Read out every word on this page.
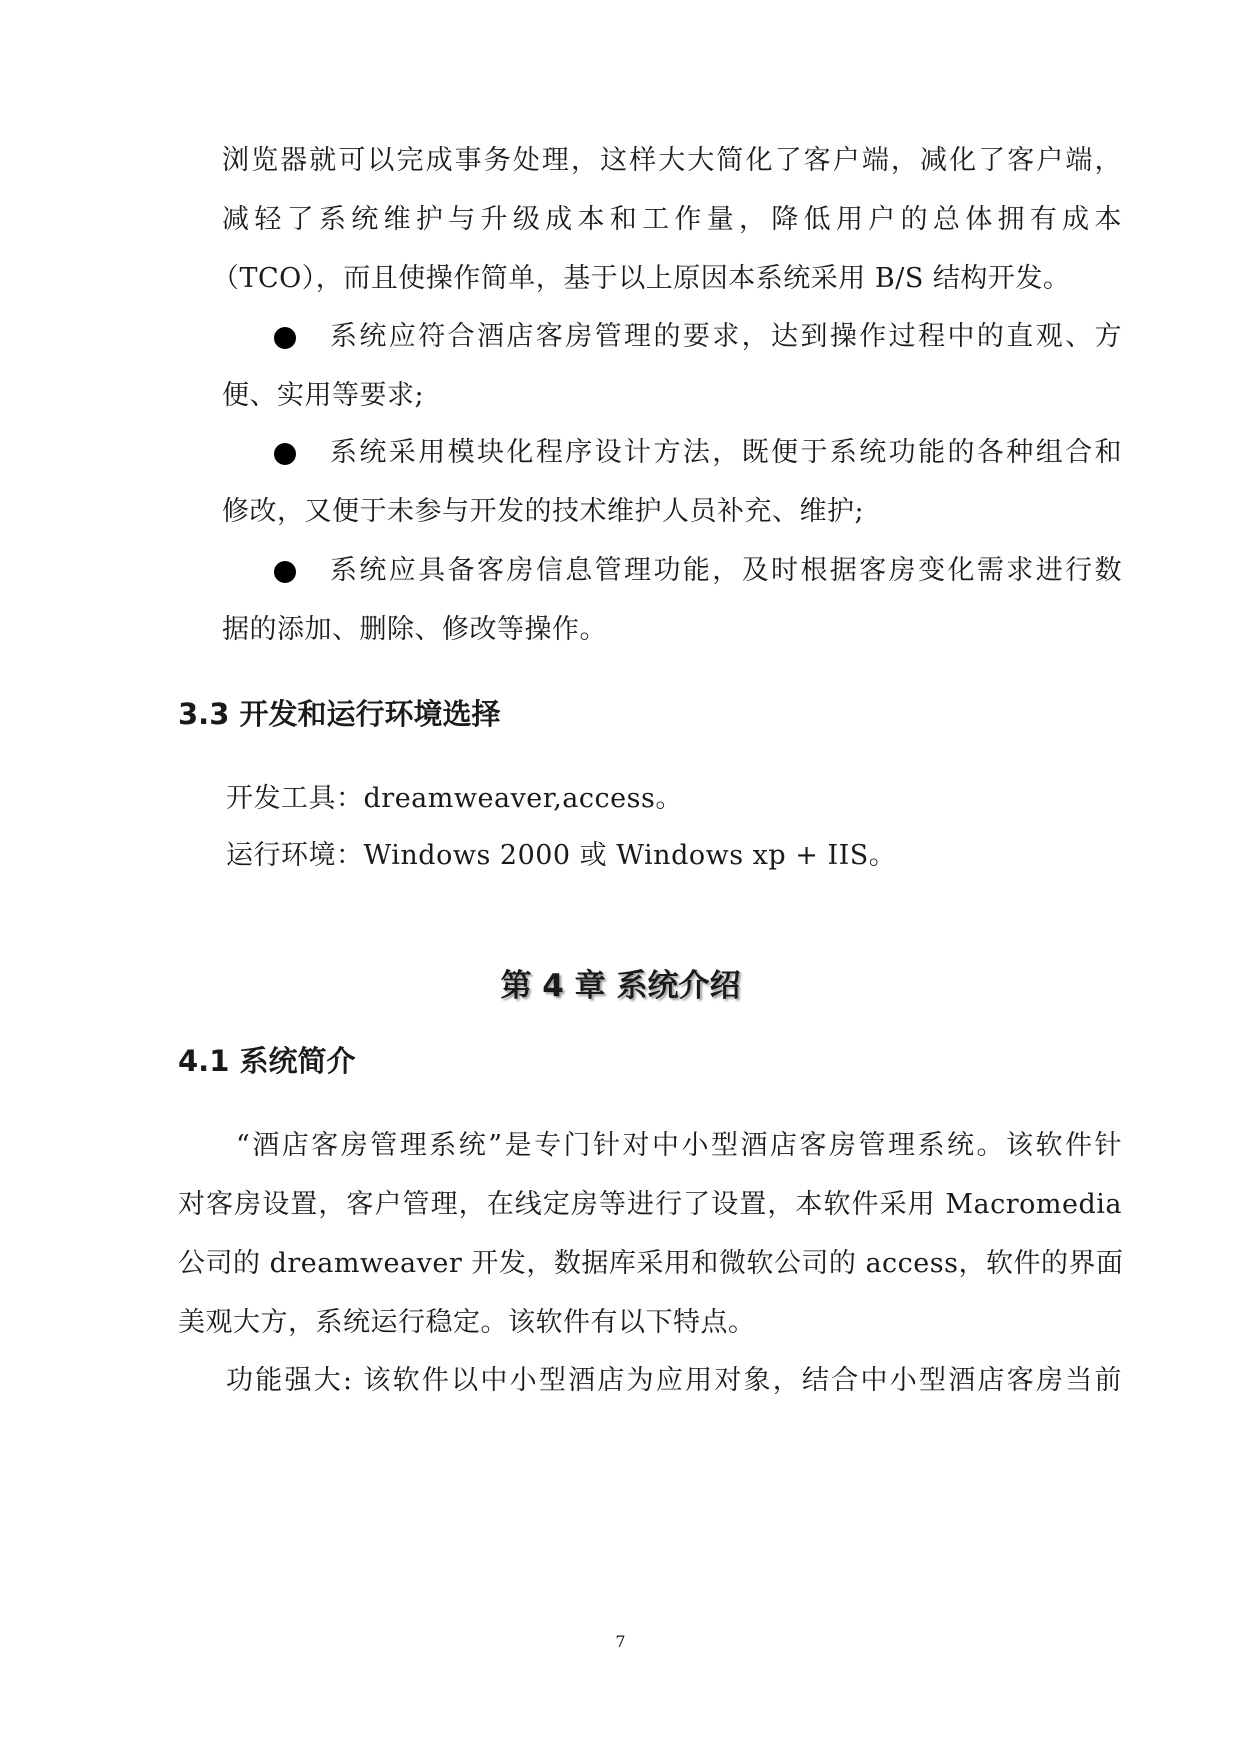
浏览器就可以完成事务处理，这样大大简化了客户端，减化了客户端，
减轻了系统维护与升级成本和工作量，降低用户的总体拥有成本
（TCO），而且使操作简单，基于以上原因本系统采用 B/S 结构开发。
系统应符合酒店客房管理的要求，达到操作过程中的直观、方
便、实用等要求;
系统采用模块化程序设计方法，既便于系统功能的各种组合和
修改，又便于未参与开发的技术维护人员补充、维护;
系统应具备客房信息管理功能，及时根据客房变化需求进行数
据的添加、删除、修改等操作。
3.3 开发和运行环境选择
开发工具：dreamweaver,access。
运行环境：Windows 2000 或 Windows xp + IIS。
第 4 章 系统介绍
4.1 系统简介
“酒店客房管理系统”是专门针对中小型酒店客房管理系统。该软件针
对客房设置，客户管理，在线定房等进行了设置，本软件采用 Macromedia
公司的 dreamweaver 开发，数据库采用和微软公司的 access，软件的界面
美观大方，系统运行稳定。该软件有以下特点。
功能强大: 该软件以中小型酒店为应用对象，结合中小型酒店客房当前
7
